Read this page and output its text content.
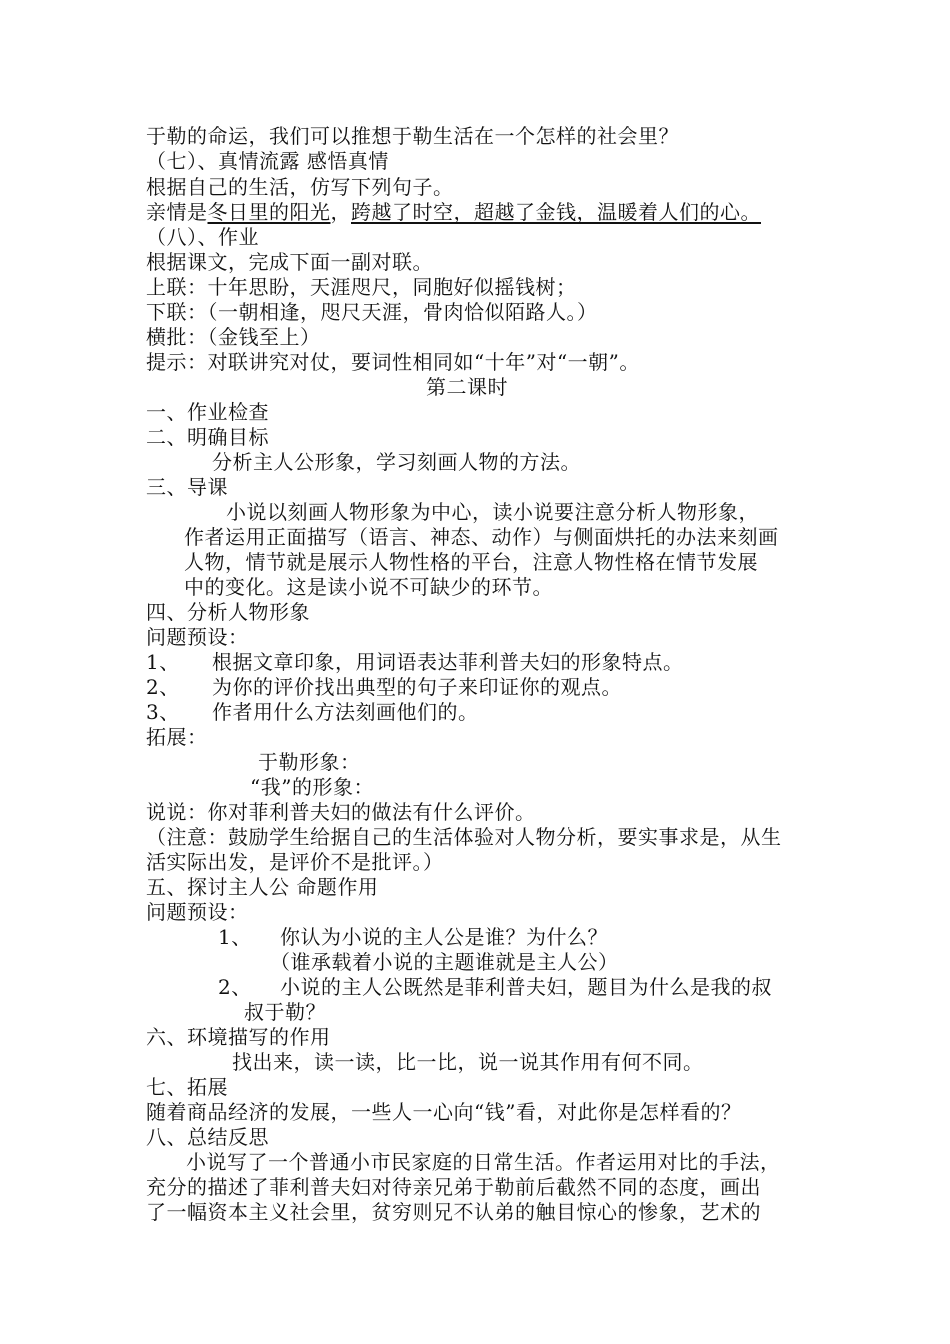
于勒的命运，我们可以推想于勒生活在一个怎样的社会里？
（七）、真情流露 感悟真情
根据自己的生活，仿写下列句子。
亲情是冬日里的阳光，跨越了时空，超越了金钱，温暖着人们的心。
（八）、作业
根据课文，完成下面一副对联。
上联：十年思盼，天涯咫尺，同胞好似摇钱树；
下联：（一朝相逢，咫尺天涯，骨肉恰似陌路人。）
横批：（金钱至上）
提示：对联讲究对仗，要词性相同如“十年”对“一朝”。
第二课时
一、作业检查
二、明确目标
分析主人公形象，学习刻画人物的方法。
三、导课
小说以刻画人物形象为中心，读小说要注意分析人物形象，
作者运用正面描写（语言、神态、动作）与侧面烘托的办法来刻画
人物，情节就是展示人物性格的平台，注意人物性格在情节发展
中的变化。这是读小说不可缺少的环节。
四、分析人物形象
问题预设：
1、 根据文章印象，用词语表达菲利普夫妇的形象特点。
2、 为你的评价找出典型的句子来印证你的观点。
3、 作者用什么方法刻画他们的。
拓展：
于勒形象：
“我”的形象：
说说：你对菲利普夫妇的做法有什么评价。
（注意：鼓励学生给据自己的生活体验对人物分析，要实事求是，从生
活实际出发，是评价不是批评。）
五、探讨主人公 命题作用
问题预设：
1、 你认为小说的主人公是谁？为什么？
（谁承载着小说的主题谁就是主人公）
2、 小说的主人公既然是菲利普夫妇，题目为什么是我的叔
叔于勒？
六、环境描写的作用
找出来，读一读，比一比，说一说其作用有何不同。
七、拓展
随着商品经济的发展，一些人一心向“钱”看，对此你是怎样看的？
八、总结反思
小说写了一个普通小市民家庭的日常生活。作者运用对比的手法，
充分的描述了菲利普夫妇对待亲兄弟于勒前后截然不同的态度，画出
了一幅资本主义社会里，贫穷则兄不认弟的触目惊心的惨象，艺术的
